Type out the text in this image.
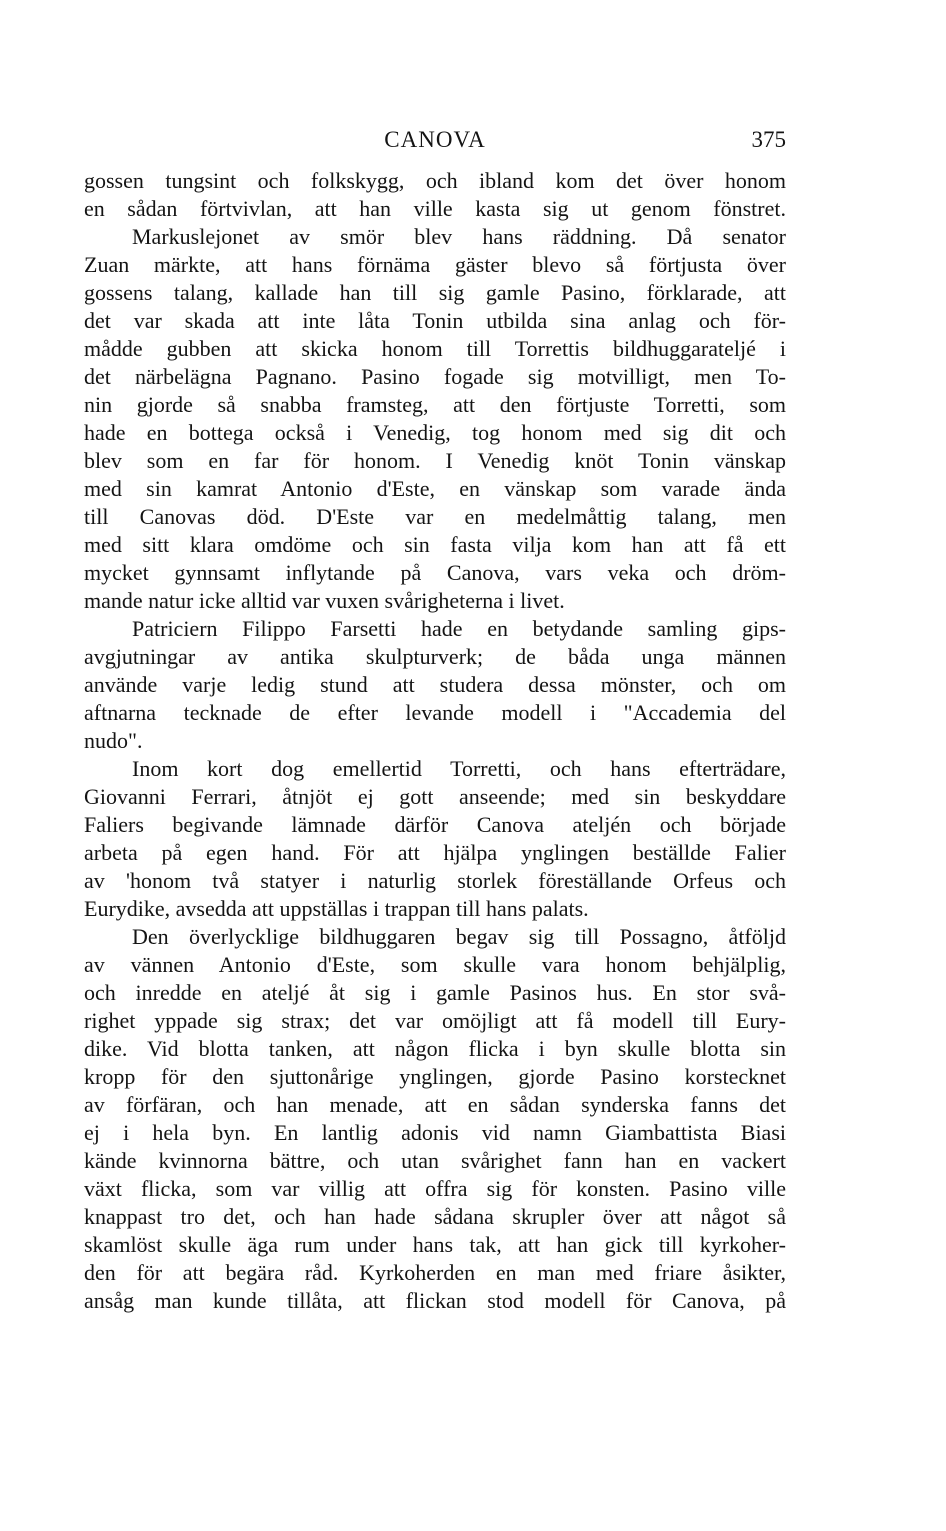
CANOVA	375
gossen tungsint och folkskygg, och ibland kom det över honom
en sådan förtvivlan, att han ville kasta sig ut genom fönstret.
Markuslejonet av smör blev hans räddning. Då senator
Zuan märkte, att hans förnäma gäster blevo så förtjusta över
gossens talang, kallade han till sig gamle Pasino, förklarade, att
det var skada att inte låta Tonin utbilda sina anlag och för-
mådde gubben att skicka honom till Torrettis bildhuggarateljé i
det närbelägna Pagnano. Pasino fogade sig motvilligt, men To-
nin gjorde så snabba framsteg, att den förtjuste Torretti, som
hade en bottega också i Venedig, tog honom med sig dit och
blev som en far för honom. I Venedig knöt Tonin vänskap
med sin kamrat Antonio d'Este, en vänskap som varade ända
till Canovas död. D'Este var en medelmåttig talang, men
med sitt klara omdöme och sin fasta vilja kom han att få ett
mycket gynnsamt inflytande på Canova, vars veka och dröm-
mande natur icke alltid var vuxen svårigheterna i livet.
Patriciern Filippo Farsetti hade en betydande samling gips-
avgjutningar av antika skulpturverk; de båda unga männen
använde varje ledig stund att studera dessa mönster, och om
aftnarna tecknade de efter levande modell i "Accademia del
nudo".
Inom kort dog emellertid Torretti, och hans efterträdare,
Giovanni Ferrari, åtnjöt ej gott anseende; med sin beskyddare
Faliers begivande lämnade därför Canova ateljén och började
arbeta på egen hand. För att hjälpa ynglingen beställde Falier
av 'honom två statyer i naturlig storlek föreställande Orfeus och
Eurydike, avsedda att uppställas i trappan till hans palats.
Den överlycklige bildhuggaren begav sig till Possagno, åtföljd
av vännen Antonio d'Este, som skulle vara honom behjälplig,
och inredde en ateljé åt sig i gamle Pasinos hus. En stor svå-
righet yppade sig strax; det var omöjligt att få modell till Eury-
dike. Vid blotta tanken, att någon flicka i byn skulle blotta sin
kropp för den sjuttonårige ynglingen, gjorde Pasino korstecknet
av förfäran, och han menade, att en sådan synderska fanns det
ej i hela byn. En lantlig adonis vid namn Giambattista Biasi
kände kvinnorna bättre, och utan svårighet fann han en vackert
växt flicka, som var villig att offra sig för konsten. Pasino ville
knappast tro det, och han hade sådana skrupler över att något så
skamlöst skulle äga rum under hans tak, att han gick till kyrkoher-
den för att begära råd. Kyrkoherden en man med friare åsikter,
ansåg man kunde tillåta, att flickan stod modell för Canova, på
